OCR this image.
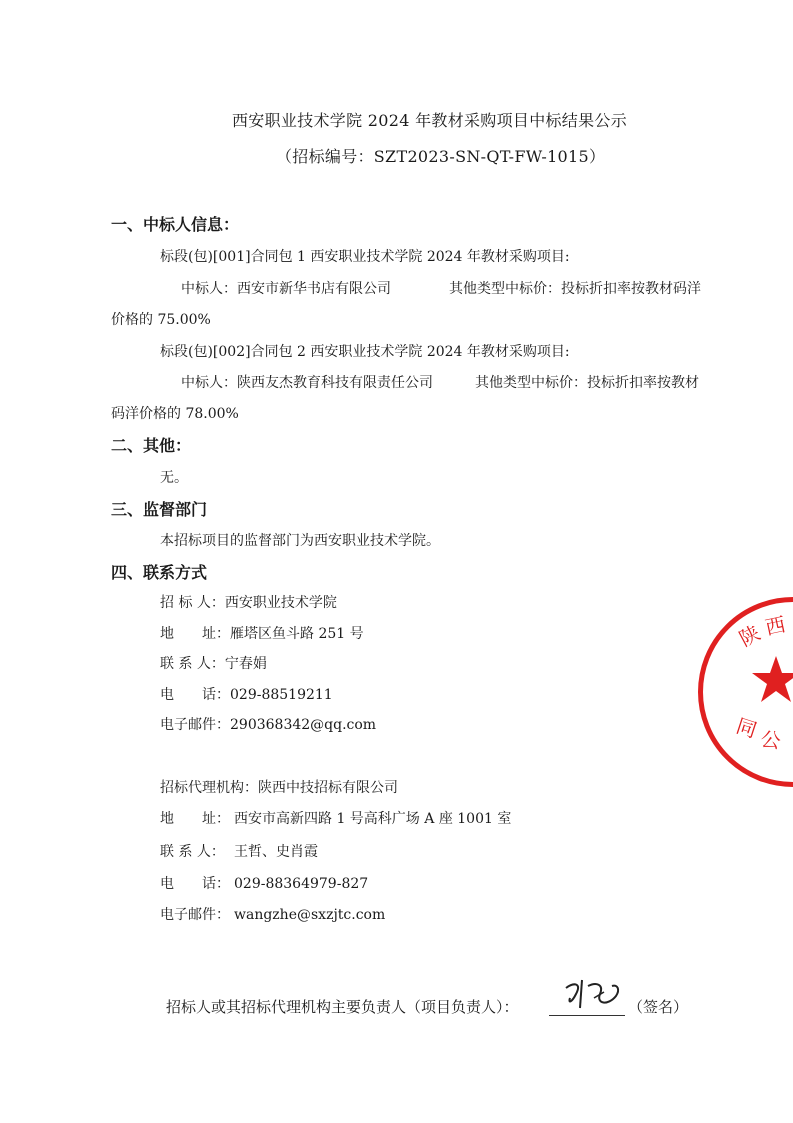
西安职业技术学院 2024 年教材采购项目中标结果公示
（招标编号：SZT2023-SN-QT-FW-1015）
一、中标人信息：
标段(包)[001]合同包 1 西安职业技术学院 2024 年教材采购项目:
中标人：西安市新华书店有限公司	其他类型中标价：投标折扣率按教材码洋
价格的 75.00%
标段(包)[002]合同包 2 西安职业技术学院 2024 年教材采购项目:
中标人：陕西友杰教育科技有限责任公司	其他类型中标价：投标折扣率按教材
码洋价格的 78.00%
二、其他：
无。
三、监督部门
本招标项目的监督部门为西安职业技术学院。
四、联系方式
招 标 人：西安职业技术学院
地　　址：雁塔区鱼斗路 251 号
联 系 人：宁春娟
电　　话：029-88519211
电子邮件：290368342@qq.com
招标代理机构：陕西中技招标有限公司
地　　址： 西安市高新四路 1 号高科广场 A 座 1001 室
联 系 人： 王哲、史肖霞
电　　话： 029-88364979-827
电子邮件： wangzhe@sxzjtc.com
招标人或其招标代理机构主要负责人（项目负责人）：	（签名）
陕
西
同 公
